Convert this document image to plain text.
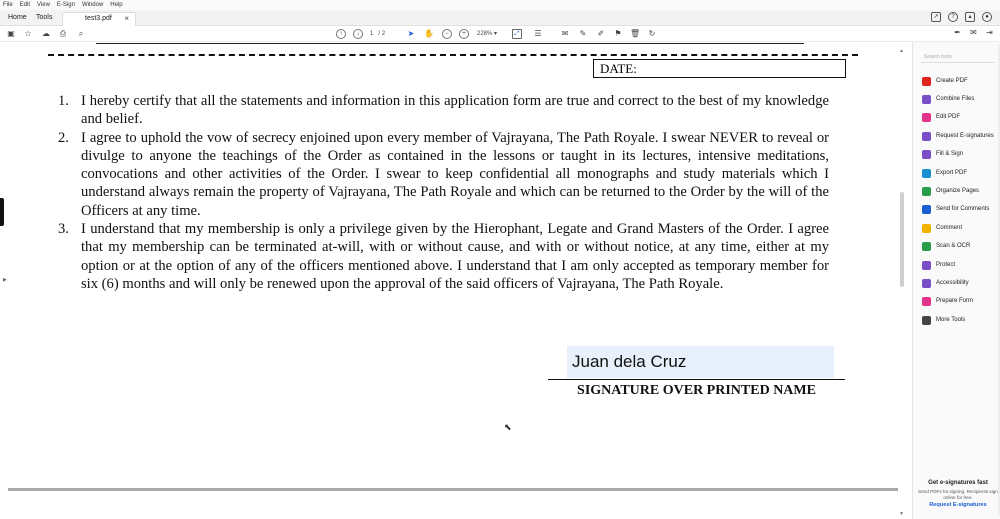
File Edit View E-Sign Window Help
Home Tools	test3.pdf ×	↗	?	▴	●
▣ ☆ ☁ ⎙	⌕	↑	↓	1 / 2	➤ ✋	−	+	228% ▾	⤢	☰	✉ ✎ ✐ ⚑ 🗑 ↻	✒ ✉ ⇥
DATE:
1. I hereby certify that all the statements and information in this application form are true and correct to the best of my knowledge and belief.
2. I agree to uphold the vow of secrecy enjoined upon every member of Vajrayana, The Path Royale. I swear NEVER to reveal or divulge to anyone the teachings of the Order as contained in the lessons or taught in its lectures, intensive meditations, convocations and other activities of the Order. I swear to keep confidential all monographs and study materials which I understand always remain the property of Vajrayana, The Path Royale and which can be returned to the Order by the will of the Officers at any time.
3. I understand that my membership is only a privilege given by the Hierophant, Legate and Grand Masters of the Order. I agree that my membership can be terminated at-will, with or without cause, and with or without notice, at any time, either at my option or at the option of any of the officers mentioned above. I understand that I am only accepted as temporary member for six (6) months and will only be renewed upon the approval of the said officers of Vajrayana, The Path Royale.
Juan dela Cruz
SIGNATURE OVER PRINTED NAME
⬉
▲
▼
▶
Search tools
Create PDF
Combine Files
Edit PDF
Request E-signatures
Fill & Sign
Export PDF
Organize Pages
Send for Comments
Comment
Scan & OCR
Protect
Accessibility
Prepare Form
More Tools
Get e-signatures fast
Send PDFs for signing. Recipients sign online for free.
Request E-signatures
